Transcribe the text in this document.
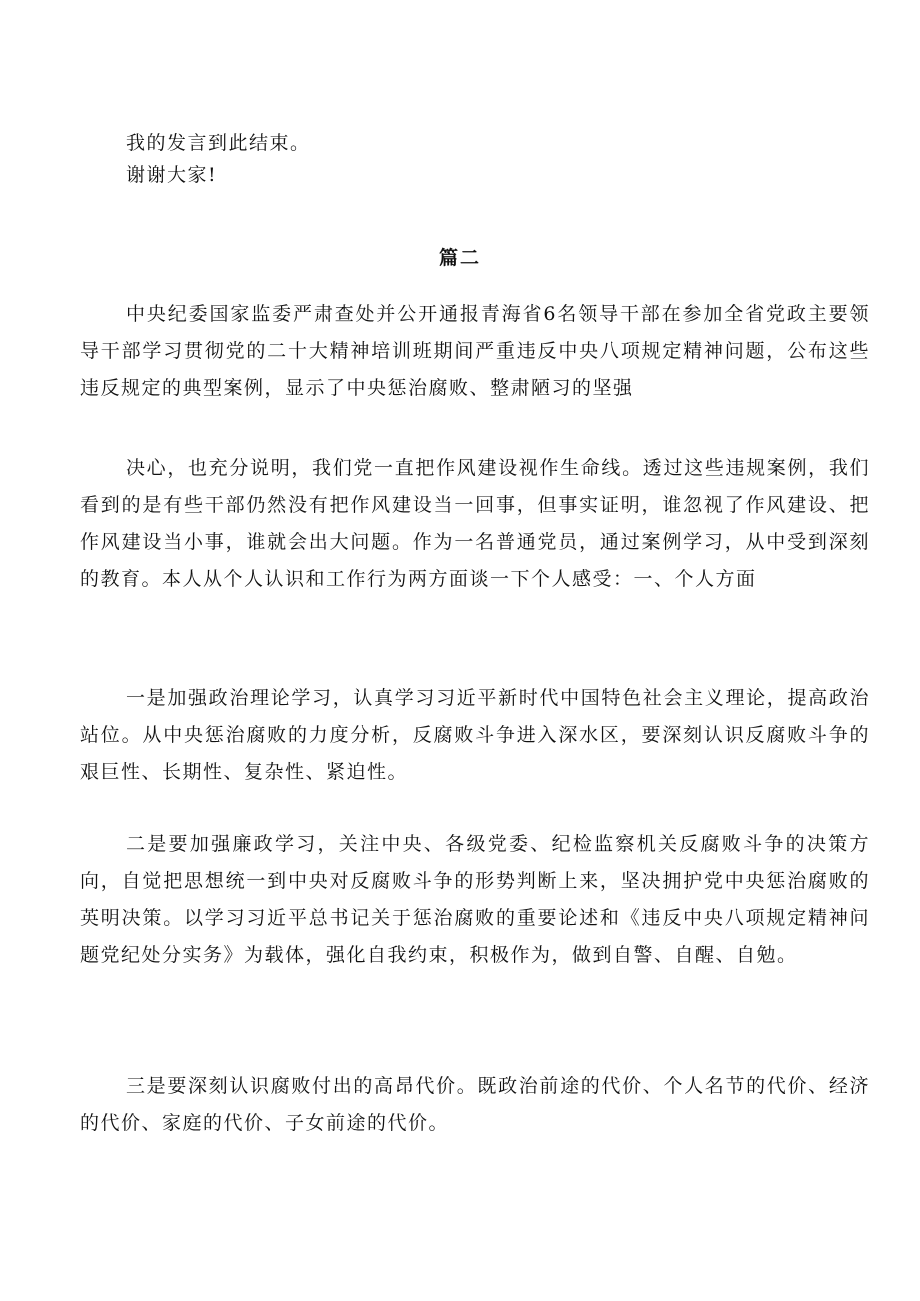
我的发言到此结束。
谢谢大家!
篇二

中央纪委国家监委严肃查处并公开通报青海省6名领导干部在参加全省党政主要领导干部学习贯彻党的二十大精神培训班期间严重违反中央八项规定精神问题，公布这些违反规定的典型案例，显示了中央惩治腐败、整肃陋习的坚强

决心，也充分说明，我们党一直把作风建设视作生命线。透过这些违规案例，我们看到的是有些干部仍然没有把作风建设当一回事，但事实证明，谁忽视了作风建设、把作风建设当小事，谁就会出大问题。作为一名普通党员，通过案例学习，从中受到深刻的教育。本人从个人认识和工作行为两方面谈一下个人感受：一、个人方面

一是加强政治理论学习，认真学习习近平新时代中国特色社会主义理论，提高政治站位。从中央惩治腐败的力度分析，反腐败斗争进入深水区，要深刻认识反腐败斗争的艰巨性、长期性、复杂性、紧迫性。

二是要加强廉政学习，关注中央、各级党委、纪检监察机关反腐败斗争的决策方向，自觉把思想统一到中央对反腐败斗争的形势判断上来，坚决拥护党中央惩治腐败的英明决策。以学习习近平总书记关于惩治腐败的重要论述和《违反中央八项规定精神问题党纪处分实务》为载体，强化自我约束，积极作为，做到自警、自醒、自勉。

三是要深刻认识腐败付出的高昂代价。既政治前途的代价、个人名节的代价、经济的代价、家庭的代价、子女前途的代价。
